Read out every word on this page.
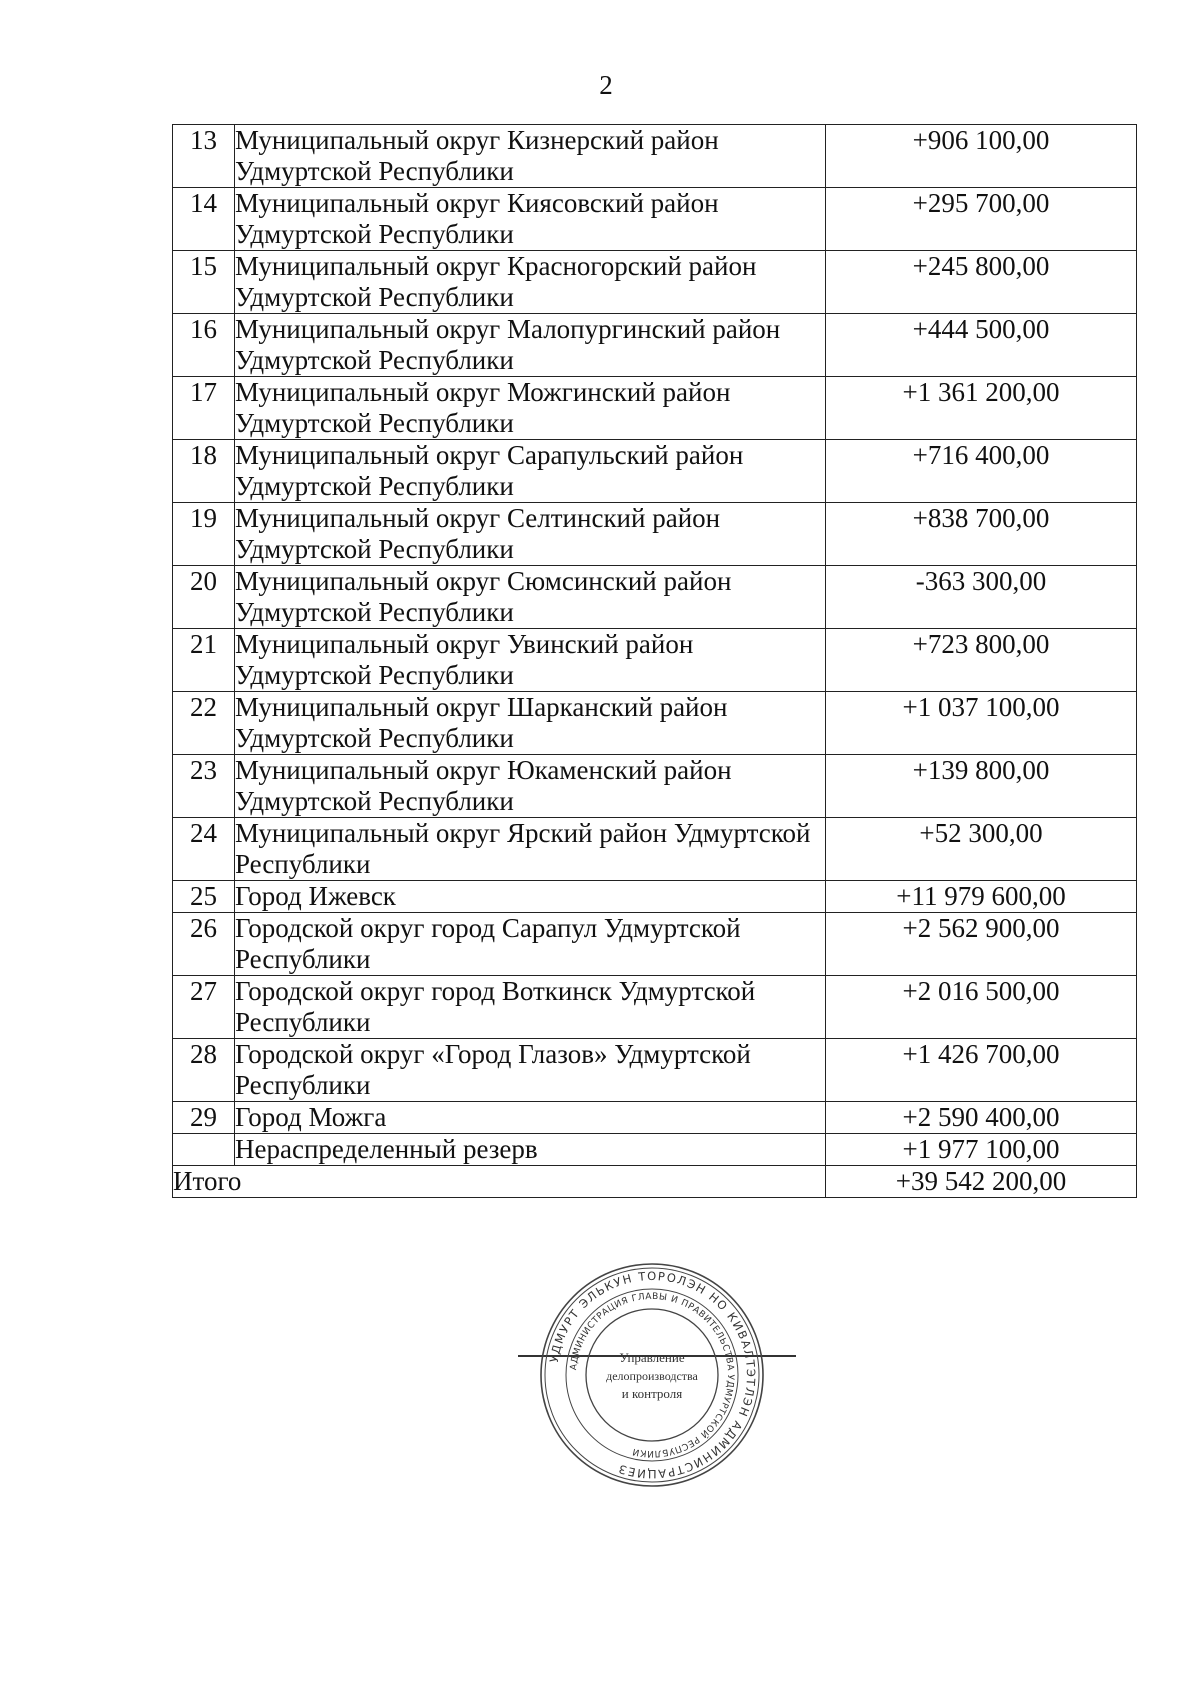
2
13	Муниципальный округ Кизнерский район Удмуртской Республики	+906 100,00
14	Муниципальный округ Киясовский район Удмуртской Республики	+295 700,00
15	Муниципальный округ Красногорский район Удмуртской Республики	+245 800,00
16	Муниципальный округ Малопургинский район Удмуртской Республики	+444 500,00
17	Муниципальный округ Можгинский район Удмуртской Республики	+1 361 200,00
18	Муниципальный округ Сарапульский район Удмуртской Республики	+716 400,00
19	Муниципальный округ Селтинский район Удмуртской Республики	+838 700,00
20	Муниципальный округ Сюмсинский район Удмуртской Республики	-363 300,00
21	Муниципальный округ Увинский район Удмуртской Республики	+723 800,00
22	Муниципальный округ Шарканский район Удмуртской Республики	+1 037 100,00
23	Муниципальный округ Юкаменский район Удмуртской Республики	+139 800,00
24	Муниципальный округ Ярский район Удмуртской Республики	+52 300,00
25	Город Ижевск	+11 979 600,00
26	Городской округ город Сарапул Удмуртской Республики	+2 562 900,00
27	Городской округ город Воткинск Удмуртской Республики	+2 016 500,00
28	Городской округ «Город Глазов» Удмуртской Республики	+1 426 700,00
29	Город Можга	+2 590 400,00
	Нераспределенный резерв	+1 977 100,00
Итого		+39 542 200,00
УДМУРТ ЭЛЬКУН ТОРОЛЭН НО КИВАЛТЭТЛЭН АДМИНИСТРАЦИЕЗ
АДМИНИСТРАЦИЯ ГЛАВЫ И ПРАВИТЕЛЬСТВА УДМУРТСКОЙ РЕСПУБЛИКИ
Управление
делопроизводства
и контроля
